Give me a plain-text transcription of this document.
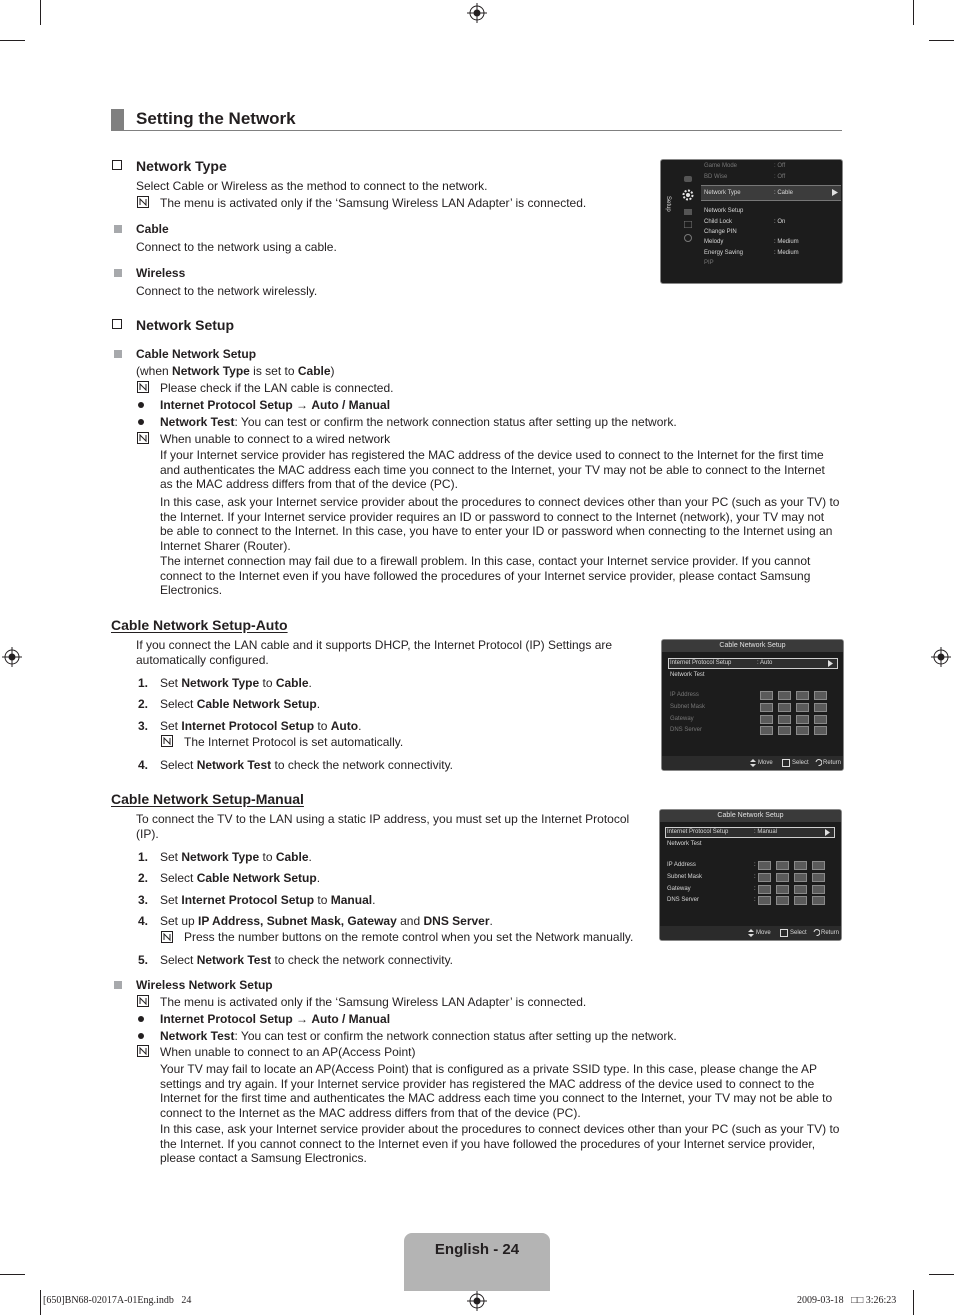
Setting the Network
Network Type

Select Cable or Wireless as the method to connect to the network.

The menu is activated only if the ‘Samsung Wireless LAN Adapter’ is connected.

Cable

Connect to the network using a cable.

Wireless

Connect to the network wirelessly.

Setup
Game Mode	: Off
BD Wise	: Off
Network Type	: Cable
Network Setup
Child Lock	: On
Change PIN
Melody	: Medium
Energy Saving	: Medium
PIP
Network Setup

Cable Network Setup

(when Network Type is set to Cable)

Please check if the LAN cable is connected.

Internet Protocol Setup → Auto / Manual

Network Test: You can test or confirm the network connection status after setting up the network.

When unable to connect to a wired network

If your Internet service provider has registered the MAC address of the device used to connect to the Internet for the first time and authenticates the MAC address each time you connect to the Internet, your TV may not be able to connect to the Internet as the MAC address differs from that of the device (PC).

In this case, ask your Internet service provider about the procedures to connect devices other than your PC (such as your TV) to the Internet. If your Internet service provider requires an ID or password to connect to the Internet (network), your TV may not be able to connect to the Internet. In this case, you have to enter your ID or password when connecting to the Internet using an Internet Sharer (Router).

The internet connection may fail due to a firewall problem. In this case, contact your Internet service provider. If you cannot connect to the Internet even if you have followed the procedures of your Internet service provider, please contact Samsung Electronics.

Cable Network Setup-Auto

If you connect the LAN cable and it supports DHCP, the Internet Protocol (IP) Settings are automatically configured.

1. Set Network Type to Cable.

2. Select Cable Network Setup.

3. Set Internet Protocol Setup to Auto.

4. Select Network Test to check the network connectivity.

The Internet Protocol is set automatically.

Cable Network Setup
Internet Protocol Setup	: Auto
Network Test
IP Address
Subnet Mask
Gateway
DNS Server
Move	Select Return
Cable Network Setup-Manual

To connect the TV to the LAN using a static IP address, you must set up the Internet Protocol (IP).

1. Set Network Type to Cable.

2. Select Cable Network Setup.

3. Set Internet Protocol Setup to Manual.

4. Set up IP Address, Subnet Mask, Gateway and DNS Server.

5. Select Network Test to check the network connectivity.

Press the number buttons on the remote control when you set the Network manually.

Cable Network Setup
Internet Protocol Setup	: Manual
Network Test
IP Address	:
Subnet Mask	:
Gateway	:
DNS Server	:
Move	Select Return

Wireless Network Setup

The menu is activated only if the ‘Samsung Wireless LAN Adapter’ is connected.

Internet Protocol Setup → Auto / Manual

Network Test: You can test or confirm the network connection status after setting up the network.

When unable to connect to an AP(Access Point)

Your TV may fail to locate an AP(Access Point) that is configured as a private SSID type. In this case, please change the AP settings and try again. If your Internet service provider has registered the MAC address of the device used to connect to the Internet for the first time and authenticates the MAC address each time you connect to the Internet, your TV may not be able to connect to the Internet as the MAC address differs from that of the device (PC).

In this case, ask your Internet service provider about the procedures to connect devices other than your PC (such as your TV) to the Internet. If you cannot connect to the Internet even if you have followed the procedures of your Internet service provider, please contact a Samsung Electronics.

English - 24
[650]BN68-02017A-01Eng.indb   24	2009-03-18   □□ 3:26:23
